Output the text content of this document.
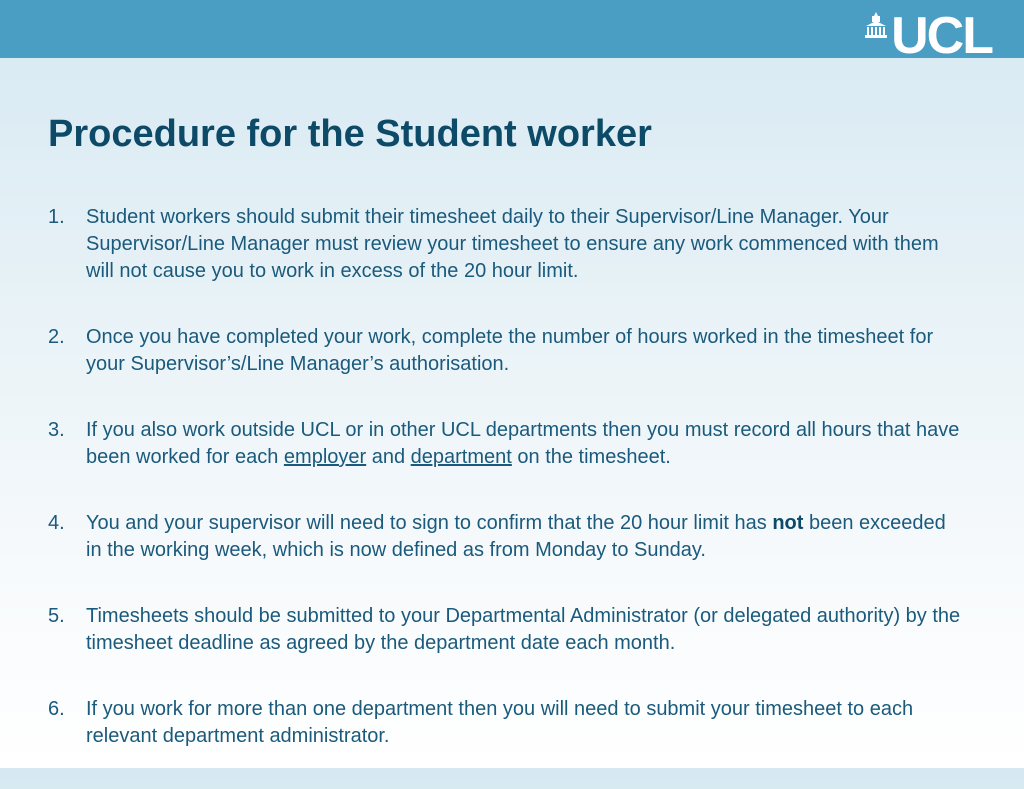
UCL
Procedure for the Student worker
1. Student workers should submit their timesheet daily to their Supervisor/Line Manager. Your Supervisor/Line Manager must review your timesheet to ensure any work commenced with them will not cause you to work in excess of the 20 hour limit.
2. Once you have completed your work, complete the number of hours worked in the timesheet for your Supervisor’s/Line Manager’s authorisation.
3. If you also work outside UCL or in other UCL departments then you must record all hours that have been worked for each employer and department on the timesheet.
4. You and your supervisor will need to sign to confirm that the 20 hour limit has not been exceeded in the working week, which is now defined as from Monday to Sunday.
5. Timesheets should be submitted to your Departmental Administrator (or delegated authority) by the timesheet deadline as agreed by the department date each month.
6. If you work for more than one department then you will need to submit your timesheet to each relevant department administrator.
